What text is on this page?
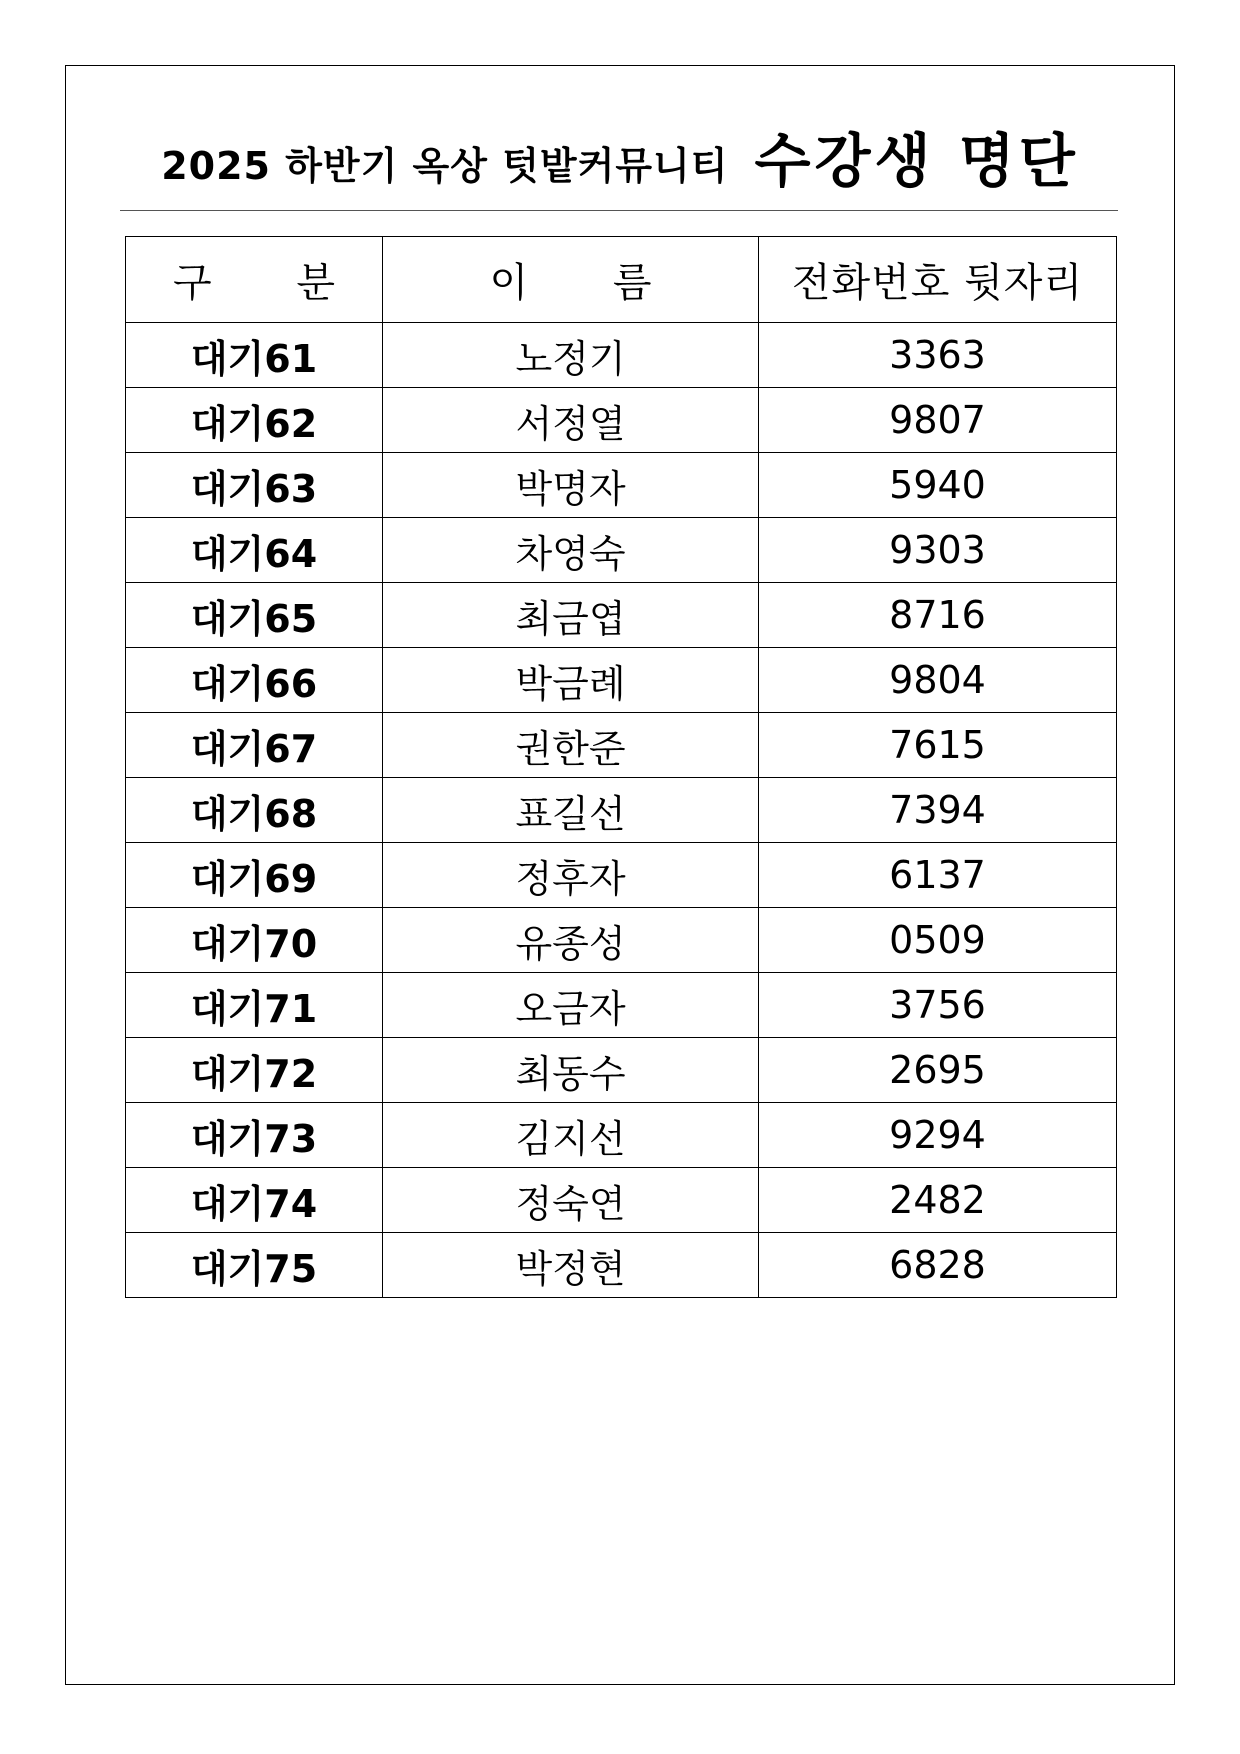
2025 하반기 옥상 텃밭커뮤니티 수강생 명단
구 분	이 름	전화번호 뒷자리
대기61	노정기	3363
대기62	서정열	9807
대기63	박명자	5940
대기64	차영숙	9303
대기65	최금엽	8716
대기66	박금례	9804
대기67	권한준	7615
대기68	표길선	7394
대기69	정후자	6137
대기70	유종성	0509
대기71	오금자	3756
대기72	최동수	2695
대기73	김지선	9294
대기74	정숙연	2482
대기75	박정현	6828
